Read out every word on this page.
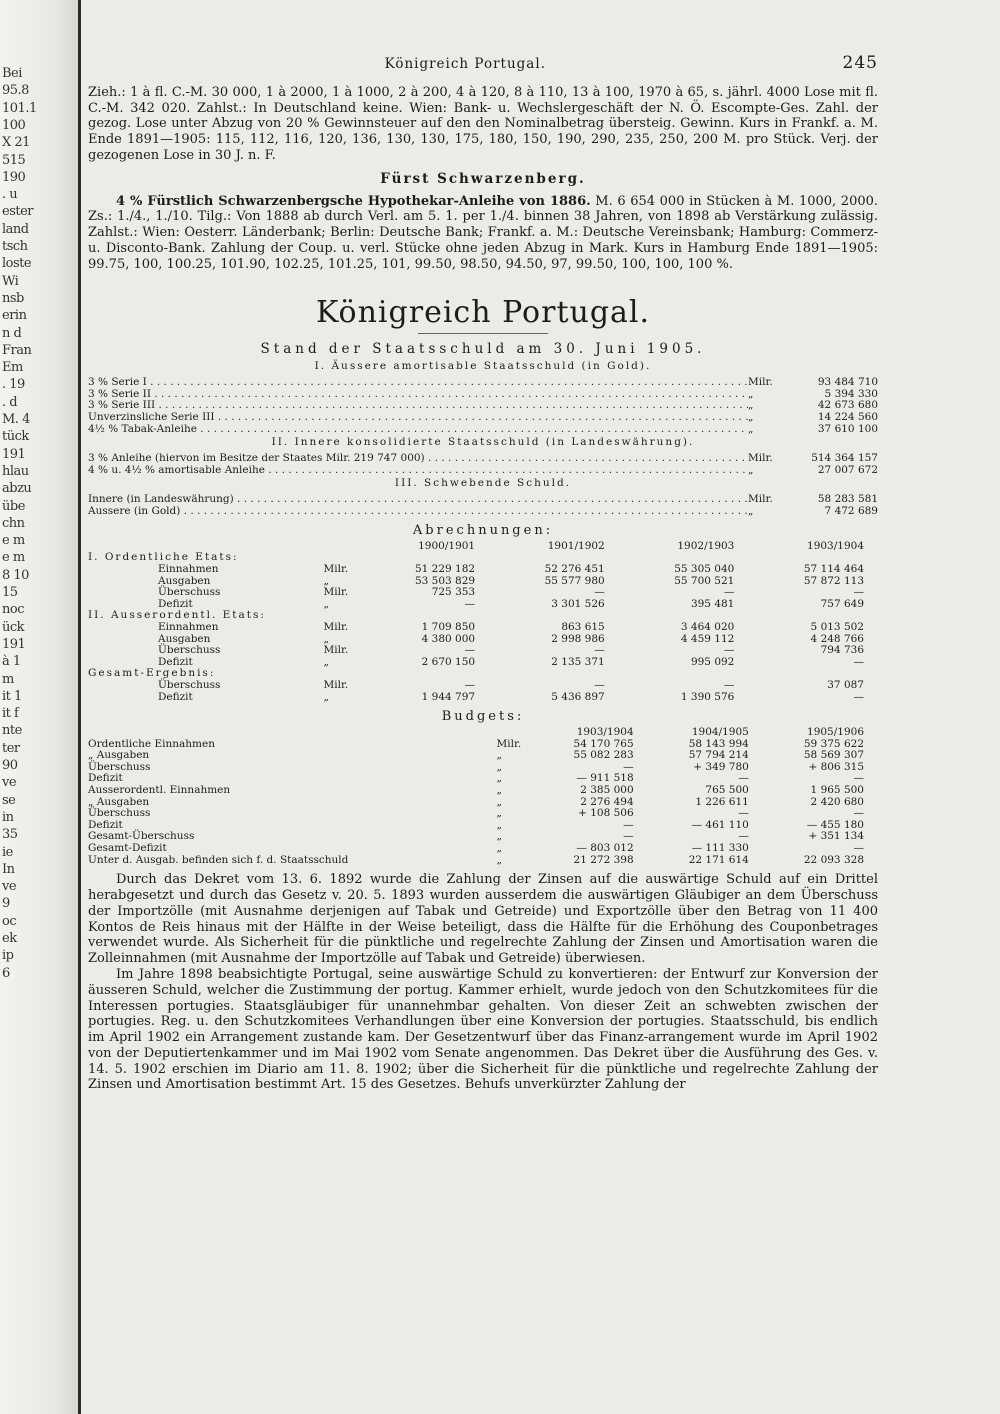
Bei
95.8
101.1
100
X 21
515
190
. u
ester
land
tsch
loste
Wi
nsb
erin
n d
Fran
Em
. 19
. d
M. 4
tück
191
hlau
abzu
übe
chn
e m
e m
8 10
15
noc
ück
191
à 1
m
it 1
it f
nte
ter
90
ve
se
in
35
ie
In
ve
9
oc
ek
ip
6
Königreich Portugal.	245

Zieh.: 1 à fl. C.-M. 30 000, 1 à 2000, 1 à 1000, 2 à 200, 4 à 120, 8 à 110, 13 à 100, 1970 à 65, s. jährl. 4000 Lose mit fl. C.-M. 342 020. Zahlst.: In Deutschland keine. Wien: Bank- u. Wechslergeschäft der N. Ö. Escompte-Ges. Zahl. der gezog. Lose unter Abzug von 20 % Gewinnsteuer auf den den Nominalbetrag übersteig. Gewinn. Kurs in Frankf. a. M. Ende 1891—1905: 115, 112, 116, 120, 136, 130, 130, 175, 180, 150, 190, 290, 235, 250, 200 M. pro Stück. Verj. der gezogenen Lose in 30 J. n. F.

Fürst Schwarzenberg.

4 % Fürstlich Schwarzenbergsche Hypothekar-Anleihe von 1886. M. 6 654 000 in Stücken à M. 1000, 2000. Zs.: 1./4., 1./10. Tilg.: Von 1888 ab durch Verl. am 5. 1. per 1./4. binnen 38 Jahren, von 1898 ab Verstärkung zulässig. Zahlst.: Wien: Oesterr. Länderbank; Berlin: Deutsche Bank; Frankf. a. M.: Deutsche Vereinsbank; Hamburg: Commerz- u. Disconto-Bank. Zahlung der Coup. u. verl. Stücke ohne jeden Abzug in Mark. Kurs in Hamburg Ende 1891—1905: 99.75, 100, 100.25, 101.90, 102.25, 101.25, 101, 99.50, 98.50, 94.50, 97, 99.50, 100, 100, 100 %.

Königreich Portugal.
Stand der Staatsschuld am 30. Juni 1905.
I. Äussere amortisable Staatsschuld (in Gold).
3 % Serie I . . .	Milr.	93 484 710
3 % Serie II . . .	„	5 394 330
3 % Serie III . . .	„	42 673 680
Unverzinsliche Serie III . . .	„	14 224 560
4½ % Tabak-Anleihe . . .	„	37 610 100
II. Innere konsolidierte Staatsschuld (in Landeswährung).
3 % Anleihe (hiervon im Besitze der Staates Milr. 219 747 000) . . .	Milr.	514 364 157
4 % u. 4½ % amortisable Anleihe . . .	„	27 007 672
III. Schwebende Schuld.
Innere (in Landeswährung) . . .	Milr.	58 283 581
Äussere (in Gold) . . .	„	7 472 689
Abrechnungen:
		1900/1901	1901/1902	1902/1903	1903/1904
I. Ordentliche Etats:					
Einnahmen	Milr.	51 229 182	52 276 451	55 305 040	57 114 464
Ausgaben	„	53 503 829	55 577 980	55 700 521	57 872 113
Überschuss	Milr.	725 353	—	—	—
Defizit	„	—	3 301 526	395 481	757 649
II. Ausserordentl. Etats:					
Einnahmen	Milr.	1 709 850	863 615	3 464 020	5 013 502
Ausgaben	„	4 380 000	2 998 986	4 459 112	4 248 766
Überschuss	Milr.	—	—	—	794 736
Defizit	„	2 670 150	2 135 371	995 092	—
Gesamt-Ergebnis:					
Überschuss	Milr.	—	—	—	37 087
Defizit	„	1 944 797	5 436 897	1 390 576	—
Budgets:
		1903/1904	1904/1905	1905/1906
Ordentliche Einnahmen	Milr.	54 170 765	58 143 994	59 375 622
„ Ausgaben	„	55 082 283	57 794 214	58 569 307
Überschuss	„	—	+ 349 780	+ 806 315
Defizit	„	— 911 518	—	—
Ausserordentl. Einnahmen	„	2 385 000	765 500	1 965 500
„ Ausgaben	„	2 276 494	1 226 611	2 420 680
Überschuss	„	+ 108 506	—	—
Defizit	„	—	— 461 110	— 455 180
Gesamt-Überschuss	„	—	—	+ 351 134
Gesamt-Defizit	„	— 803 012	— 111 330	—
Unter d. Ausgab. befinden sich f. d. Staatsschuld	„	21 272 398	22 171 614	22 093 328

Durch das Dekret vom 13. 6. 1892 wurde die Zahlung der Zinsen auf die auswärtige Schuld auf ein Drittel herabgesetzt und durch das Gesetz v. 20. 5. 1893 wurden ausserdem die auswärtigen Gläubiger an dem Überschuss der Importzölle (mit Ausnahme derjenigen auf Tabak und Getreide) und Exportzölle über den Betrag von 11 400 Kontos de Reis hinaus mit der Hälfte in der Weise beteiligt, dass die Hälfte für die Erhöhung des Couponbetrages verwendet wurde. Als Sicherheit für die pünktliche und regelrechte Zahlung der Zinsen und Amortisation waren die Zolleinnahmen (mit Ausnahme der Importzölle auf Tabak und Getreide) überwiesen.

Im Jahre 1898 beabsichtigte Portugal, seine auswärtige Schuld zu konvertieren: der Entwurf zur Konversion der äusseren Schuld, welcher die Zustimmung der portug. Kammer erhielt, wurde jedoch von den Schutzkomitees für die Interessen portugies. Staatsgläubiger für unannehmbar gehalten. Von dieser Zeit an schwebten zwischen der portugies. Reg. u. den Schutzkomitees Verhandlungen über eine Konversion der portugies. Staatsschuld, bis endlich im April 1902 ein Arrangement zustande kam. Der Gesetzentwurf über das Finanz-arrangement wurde im April 1902 von der Deputiertenkammer und im Mai 1902 vom Senate angenommen. Das Dekret über die Ausführung des Ges. v. 14. 5. 1902 erschien im Diario am 11. 8. 1902; über die Sicherheit für die pünktliche und regelrechte Zahlung der Zinsen und Amortisation bestimmt Art. 15 des Gesetzes. Behufs unverkürzter Zahlung der
